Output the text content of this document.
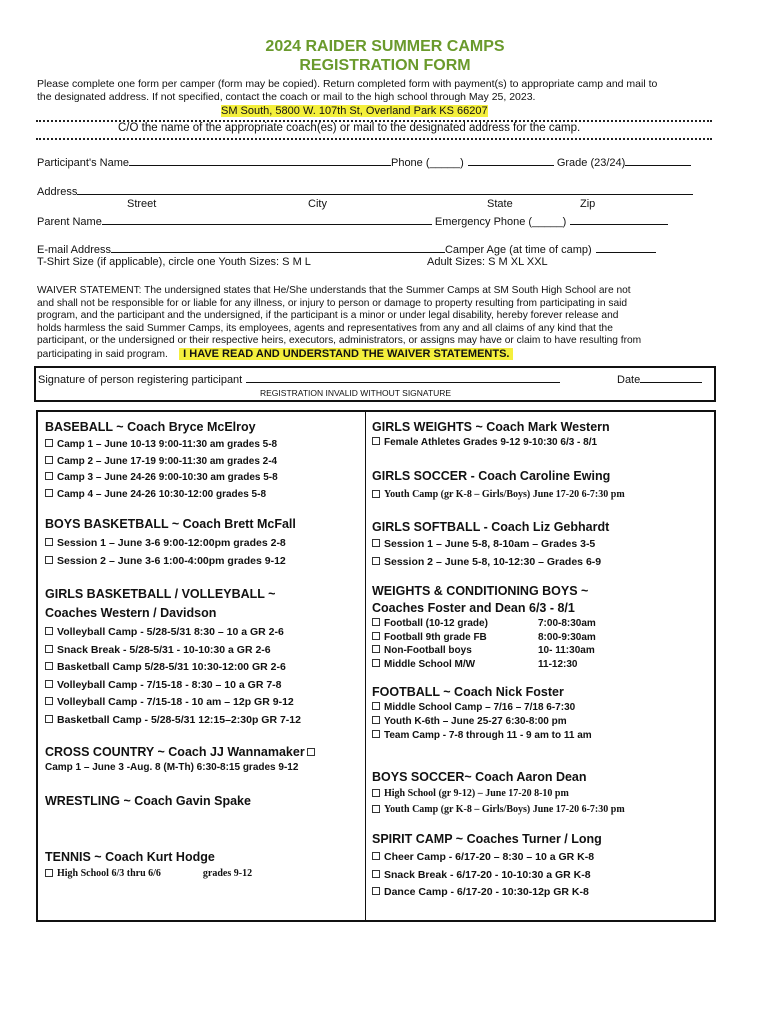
2024 RAIDER SUMMER CAMPS
REGISTRATION FORM
Please complete one form per camper (form may be copied). Return completed form with payment(s) to appropriate camp and mail to
the designated address. If not specified, contact the coach or mail to the high school through May 25, 2023.
SM South, 5800 W. 107th St, Overland Park KS 66207
C/O the name of the appropriate coach(es) or mail to the designated address for the camp.
Participant's Name	Phone (_____)	Grade (23/24)
Address
Street	City	State	Zip
Parent Name	Emergency Phone (_____)
E-mail Address	Camper Age (at time of camp)
T-Shirt Size (if applicable), circle one Youth Sizes: S M L	Adult Sizes: S M XL XXL
WAIVER STATEMENT: The undersigned states that He/She understands that the Summer Camps at SM South High School are not
and shall not be responsible for or liable for any illness, or injury to person or damage to property resulting from participating in said
program, and the participant and the undersigned, if the participant is a minor or under legal disability, hereby forever release and
holds harmless the said Summer Camps, its employees, agents and representatives from any and all claims of any kind that the
participant, or the undersigned or their respective heirs, executors, administrators, or assigns may have or claim to have resulting from
participating in said program. I HAVE READ AND UNDERSTAND THE WAIVER STATEMENTS.
Signature of person registering participant	Date
REGISTRATION INVALID WITHOUT SIGNATURE
BASEBALL ~ Coach Bryce McElroy
Camp 1 – June 10-13 9:00-11:30 am grades 5-8
Camp 2 – June 17-19 9:00-11:30 am grades 2-4
Camp 3 – June 24-26 9:00-10:30 am grades 5-8
Camp 4 – June 24-26 10:30-12:00 grades 5-8
BOYS BASKETBALL ~ Coach Brett McFall
Session 1 – June 3-6 9:00-12:00pm grades 2-8
Session 2 – June 3-6 1:00-4:00pm grades 9-12
GIRLS BASKETBALL / VOLLEYBALL ~
Coaches Western / Davidson
Volleyball Camp - 5/28-5/31 8:30 – 10 a GR 2-6
Snack Break - 5/28-5/31 - 10-10:30 a GR 2-6
Basketball Camp 5/28-5/31 10:30-12:00 GR 2-6
Volleyball Camp - 7/15-18 - 8:30 – 10 a GR 7-8
Volleyball Camp - 7/15-18 - 10 am – 12p GR 9-12
Basketball Camp - 5/28-5/31 12:15–2:30p GR 7-12
CROSS COUNTRY ~ Coach JJ Wannamaker
Camp 1 – June 3 -Aug. 8 (M-Th) 6:30-8:15 grades 9-12
WRESTLING ~ Coach Gavin Spake
TENNIS ~ Coach Kurt Hodge
High School 6/3 thru 6/6	grades 9-12
GIRLS WEIGHTS ~ Coach Mark Western
Female Athletes Grades 9-12 9-10:30 6/3 - 8/1
GIRLS SOCCER - Coach Caroline Ewing
Youth Camp (gr K-8 – Girls/Boys) June 17-20 6-7:30 pm
GIRLS SOFTBALL - Coach Liz Gebhardt
Session 1 – June 5-8, 8-10am – Grades 3-5
Session 2 – June 5-8, 10-12:30 – Grades 6-9
WEIGHTS & CONDITIONING BOYS ~
Coaches Foster and Dean 6/3 - 8/1
Football (10-12 grade)	7:00-8:30am
Football 9th grade FB	8:00-9:30am
Non-Football boys	10- 11:30am
Middle School M/W	11-12:30
FOOTBALL ~ Coach Nick Foster
Middle School Camp – 7/16 – 7/18 6-7:30
Youth K-6th – June 25-27 6:30-8:00 pm
Team Camp - 7-8 through 11 - 9 am to 11 am
BOYS SOCCER~ Coach Aaron Dean
High School (gr 9-12) – June 17-20 8-10 pm
Youth Camp (gr K-8 – Girls/Boys) June 17-20 6-7:30 pm
SPIRIT CAMP ~ Coaches Turner / Long
Cheer Camp - 6/17-20 – 8:30 – 10 a GR K-8
Snack Break - 6/17-20 - 10-10:30 a GR K-8
Dance Camp - 6/17-20 - 10:30-12p GR K-8
